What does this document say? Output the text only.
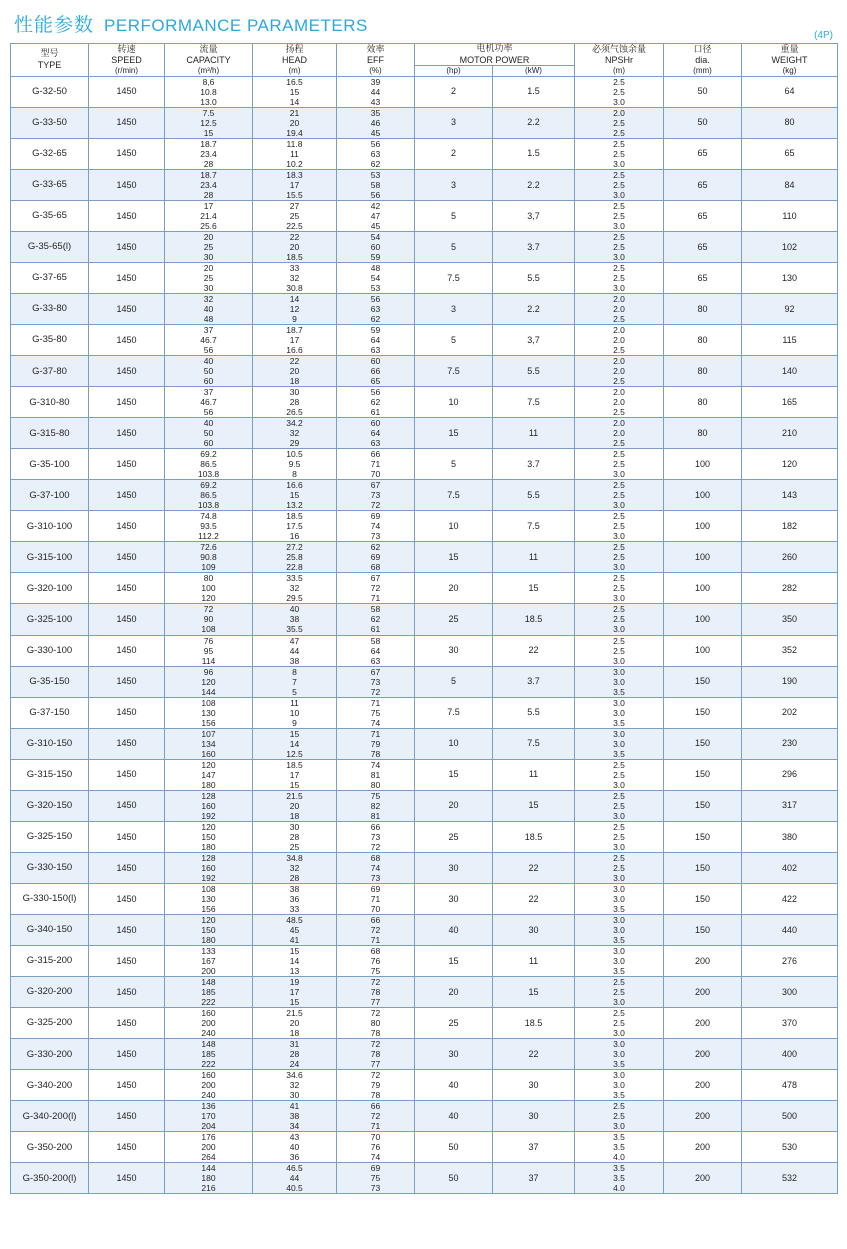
性能参数 PERFORMANCE PARAMETERS
(4P)
型号
TYPE	转速
SPEED
(r/min)	流量
CAPACITY
(m³/h)	扬程
HEAD
(m)	效率
EFF
(%)	电机功率
MOTOR POWER		必须气蚀余量
NPSHr
(m)	口径
dia.
(mm)	重量
WEIGHT
(kg)

					(hp)	(kW)			

G-32-50	1450	8,6
10.8
13.0	16.5
15
14	39
44
43	2	1.5	2.5
2.5
3.0	50	64
G-33-50	1450	7.5
12.5
15	21
20
19.4	35
46
45	3	2.2	2.0
2.5
2.5	50	80
G-32-65	1450	18.7
23.4
28	11.8
11
10.2	56
63
62	2	1.5	2.5
2.5
3.0	65	65
G-33-65	1450	18.7
23.4
28	18.3
17
15.5	53
58
56	3	2.2	2.5
2.5
3.0	65	84
G-35-65	1450	17
21.4
25.6	27
25
22.5	42
47
45	5	3,7	2.5
2.5
3.0	65	110
G-35-65(l)	1450	20
25
30	22
20
18.5	54
60
59	5	3.7	2.5
2.5
3.0	65	102
G-37-65	1450	20
25
30	33
32
30.8	48
54
53	7.5	5.5	2.5
2.5
3.0	65	130
G-33-80	1450	32
40
48	14
12
9	56
63
62	3	2.2	2.0
2.0
2.5	80	92
G-35-80	1450	37
46.7
56	18.7
17
16.6	59
64
63	5	3,7	2.0
2.0
2.5	80	115
G-37-80	1450	40
50
60	22
20
18	60
66
65	7.5	5.5	2.0
2.0
2.5	80	140
G-310-80	1450	37
46.7
56	30
28
26.5	56
62
61	10	7.5	2.0
2.0
2.5	80	165
G-315-80	1450	40
50
60	34.2
32
29	60
64
63	15	11	2.0
2.0
2.5	80	210
G-35-100	1450	69.2
86.5
103.8	10.5
9.5
8	66
71
70	5	3.7	2.5
2.5
3.0	100	120
G-37-100	1450	69.2
86.5
103.8	16.6
15
13.2	67
73
72	7.5	5.5	2.5
2.5
3.0	100	143
G-310-100	1450	74.8
93.5
112.2	18.5
17.5
16	69
74
73	10	7.5	2.5
2.5
3.0	100	182
G-315-100	1450	72.6
90.8
109	27.2
25.8
22.8	62
69
68	15	11	2.5
2.5
3.0	100	260
G-320-100	1450	80
100
120	33.5
32
29.5	67
72
71	20	15	2.5
2.5
3.0	100	282
G-325-100	1450	72
90
108	40
38
35.5	58
62
61	25	18.5	2.5
2.5
3.0	100	350
G-330-100	1450	76
95
114	47
44
38	58
64
63	30	22	2.5
2.5
3.0	100	352
G-35-150	1450	96
120
144	8
7
5	67
73
72	5	3.7	3.0
3.0
3.5	150	190
G-37-150	1450	108
130
156	11
10
9	71
75
74	7.5	5.5	3.0
3.0
3.5	150	202
G-310-150	1450	107
134
160	15
14
12.5	71
79
78	10	7.5	3.0
3.0
3.5	150	230
G-315-150	1450	120
147
180	18.5
17
15	74
81
80	15	11	2.5
2.5
3.0	150	296
G-320-150	1450	128
160
192	21.5
20
18	75
82
81	20	15	2.5
2.5
3.0	150	317
G-325-150	1450	120
150
180	30
28
25	66
73
72	25	18.5	2.5
2.5
3.0	150	380
G-330-150	1450	128
160
192	34.8
32
28	68
74
73	30	22	2.5
2.5
3.0	150	402
G-330-150(l)	1450	108
130
156	38
36
33	69
71
70	30	22	3.0
3.0
3.5	150	422
G-340-150	1450	120
150
180	48.5
45
41	66
72
71	40	30	3.0
3.0
3.5	150	440
G-315-200	1450	133
167
200	15
14
13	68
76
75	15	11	3.0
3.0
3.5	200	276
G-320-200	1450	148
185
222	19
17
15	72
78
77	20	15	2.5
2.5
3.0	200	300
G-325-200	1450	160
200
240	21.5
20
18	72
80
78	25	18.5	2.5
2.5
3.0	200	370
G-330-200	1450	148
185
222	31
28
24	72
78
77	30	22	3.0
3.0
3.5	200	400
G-340-200	1450	160
200
240	34.6
32
30	72
79
78	40	30	3.0
3.0
3.5	200	478
G-340-200(l)	1450	136
170
204	41
38
34	66
72
71	40	30	2.5
2.5
3.0	200	500
G-350-200	1450	176
200
264	43
40
36	70
76
74	50	37	3.5
3.5
4.0	200	530
G-350-200(l)	1450	144
180
216	46.5
44
40.5	69
75
73	50	37	3.5
3.5
4.0	200	532
